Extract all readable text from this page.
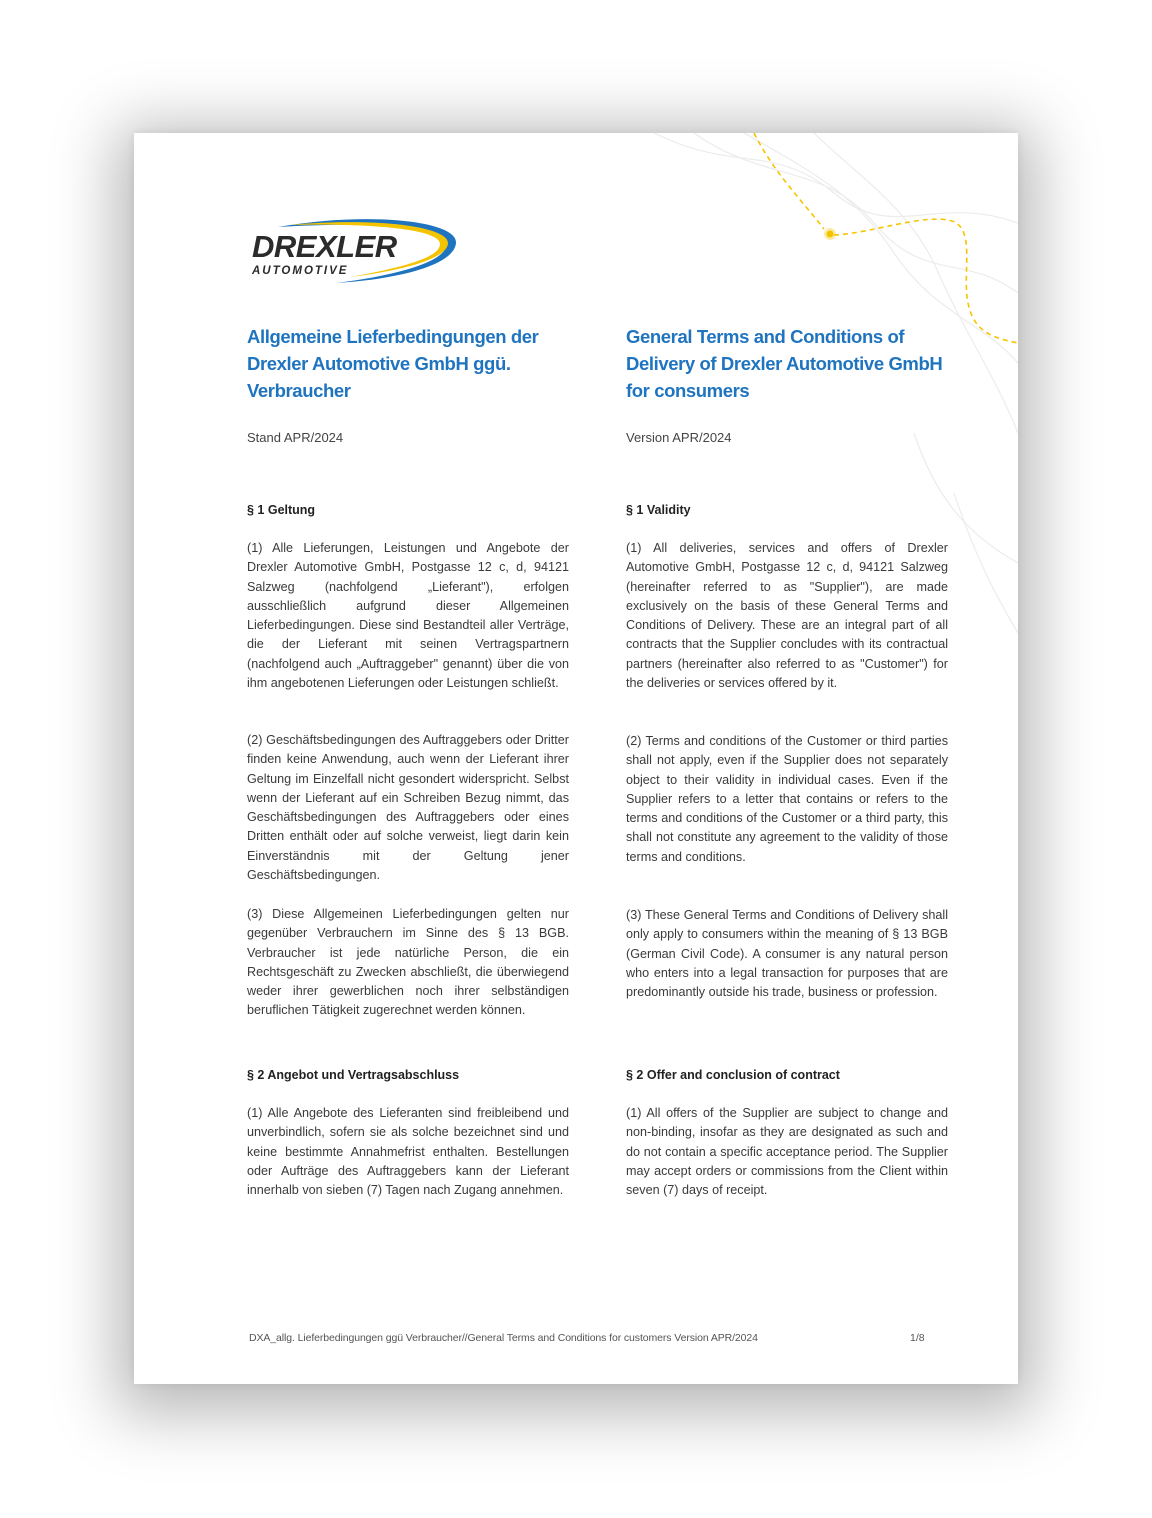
DREXLER
AUTOMOTIVE
Allgemeine Lieferbedingungen der Drexler Automotive GmbH ggü. Verbraucher
Stand APR/2024
General Terms and Conditions of Delivery of Drexler Automotive GmbH for consumers
Version APR/2024
§ 1 Geltung

(1) Alle Lieferungen, Leistungen und Angebote der Drexler Automotive GmbH, Postgasse 12 c, d, 94121 Salzweg (nachfolgend „Lieferant"), erfolgen ausschließlich aufgrund dieser Allgemeinen Lieferbedingungen. Diese sind Bestandteil aller Verträge, die der Lieferant mit seinen Vertragspartnern (nachfolgend auch „Auftraggeber" genannt) über die von ihm angebotenen Lieferungen oder Leistungen schließt.

(2) Geschäftsbedingungen des Auftraggebers oder Dritter finden keine Anwendung, auch wenn der Lieferant ihrer Geltung im Einzelfall nicht gesondert widerspricht. Selbst wenn der Lieferant auf ein Schreiben Bezug nimmt, das Geschäftsbedingungen des Auftraggebers oder eines Dritten enthält oder auf solche verweist, liegt darin kein Einverständnis mit der Geltung jener Geschäftsbedingungen.

(3) Diese Allgemeinen Lieferbedingungen gelten nur gegenüber Verbrauchern im Sinne des § 13 BGB. Verbraucher ist jede natürliche Person, die ein Rechtsgeschäft zu Zwecken abschließt, die überwiegend weder ihrer gewerblichen noch ihrer selbständigen beruflichen Tätigkeit zugerechnet werden können.

§ 2 Angebot und Vertragsabschluss

(1) Alle Angebote des Lieferanten sind freibleibend und unverbindlich, sofern sie als solche bezeichnet sind und keine bestimmte Annahmefrist enthalten. Bestellungen oder Aufträge des Auftraggebers kann der Lieferant innerhalb von sieben (7) Tagen nach Zugang annehmen.

§ 1 Validity

(1) All deliveries, services and offers of Drexler Automotive GmbH, Postgasse 12 c, d, 94121 Salzweg (hereinafter referred to as "Supplier"), are made exclusively on the basis of these General Terms and Conditions of Delivery. These are an integral part of all contracts that the Supplier concludes with its contractual partners (hereinafter also referred to as "Customer") for the deliveries or services offered by it.

(2) Terms and conditions of the Customer or third parties shall not apply, even if the Supplier does not separately object to their validity in individual cases. Even if the Supplier refers to a letter that contains or refers to the terms and conditions of the Customer or a third party, this shall not constitute any agreement to the validity of those terms and conditions.

(3) These General Terms and Conditions of Delivery shall only apply to consumers within the meaning of § 13 BGB (German Civil Code). A consumer is any natural person who enters into a legal transaction for purposes that are predominantly outside his trade, business or profession.

§ 2 Offer and conclusion of contract

(1) All offers of the Supplier are subject to change and non-binding, insofar as they are designated as such and do not contain a specific acceptance period. The Supplier may accept orders or commissions from the Client within seven (7) days of receipt.

DXA_allg. Lieferbedingungen ggü Verbraucher//General Terms and Conditions for customers Version APR/2024	1/8
